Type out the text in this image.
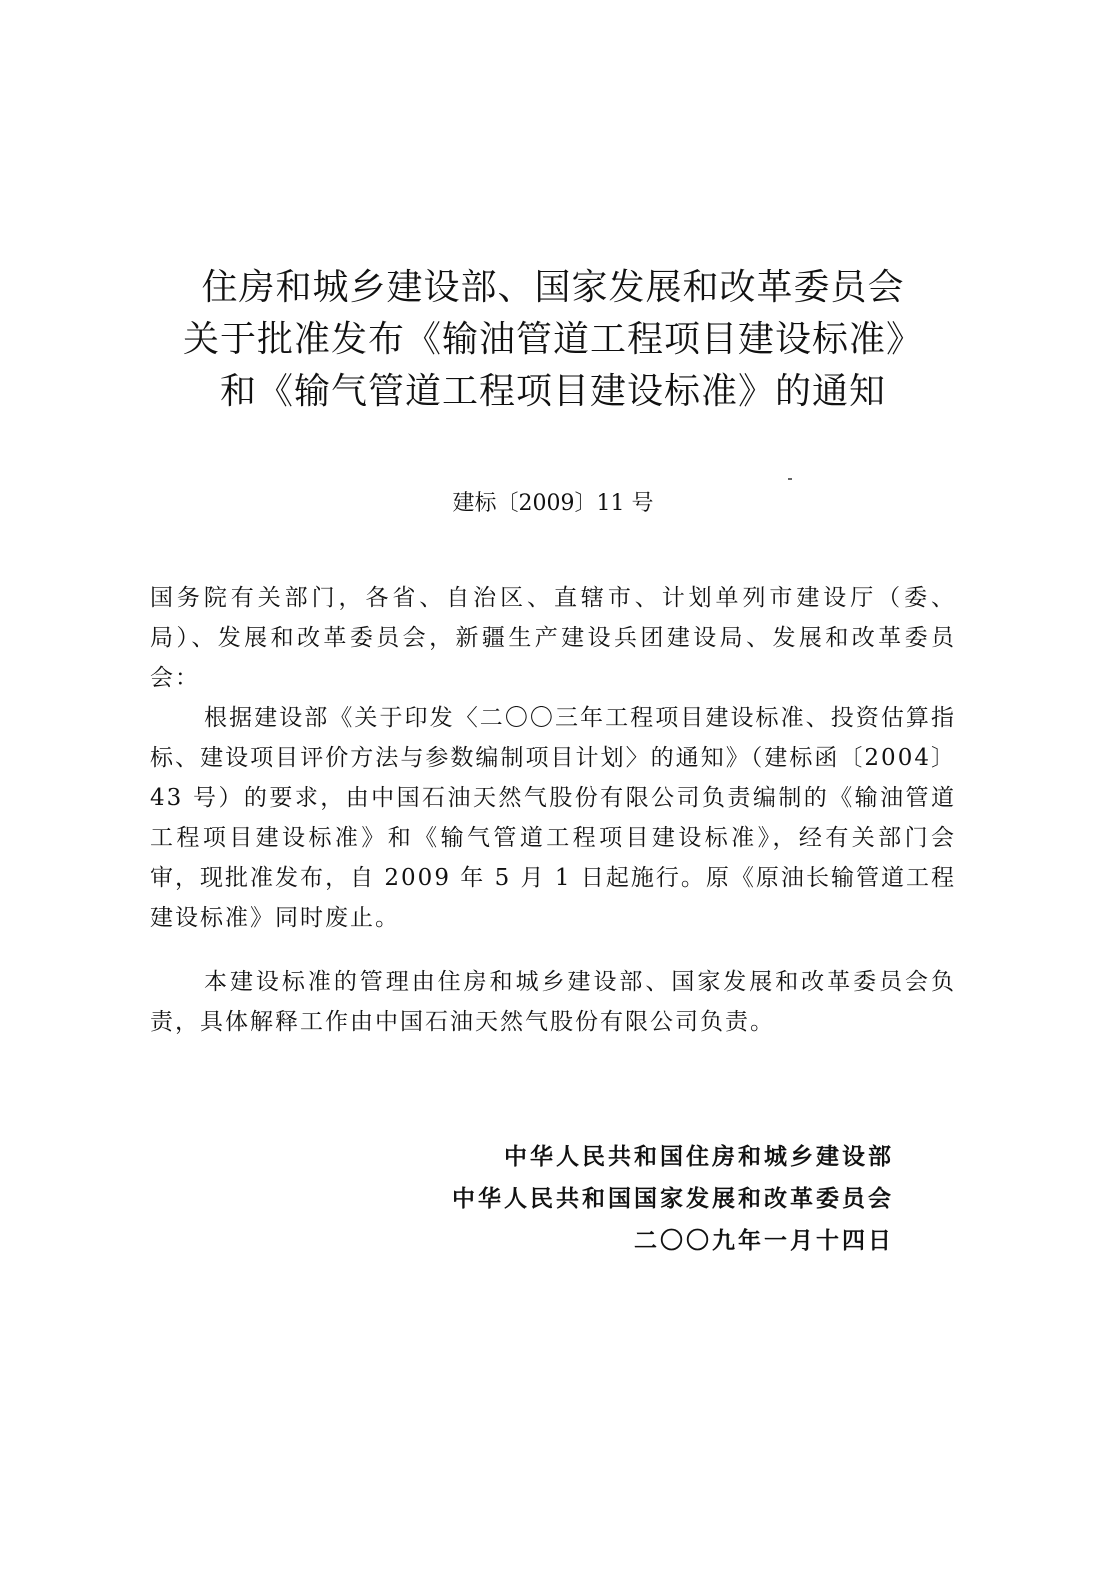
住房和城乡建设部、国家发展和改革委员会
关于批准发布《输油管道工程项目建设标准》
和《输气管道工程项目建设标准》的通知
建标〔2009〕11 号
国务院有关部门，各省、自治区、直辖市、计划单列市建设厅（委、局）、发展和改革委员会，新疆生产建设兵团建设局、发展和改革委员会：
根据建设部《关于印发〈二〇〇三年工程项目建设标准、投资估算指标、建设项目评价方法与参数编制项目计划〉的通知》（建标函〔2004〕43 号）的要求，由中国石油天然气股份有限公司负责编制的《输油管道工程项目建设标准》和《输气管道工程项目建设标准》，经有关部门会审，现批准发布，自 2009 年 5 月 1 日起施行。原《原油长输管道工程建设标准》同时废止。
本建设标准的管理由住房和城乡建设部、国家发展和改革委员会负责，具体解释工作由中国石油天然气股份有限公司负责。
中华人民共和国住房和城乡建设部
中华人民共和国国家发展和改革委员会
二〇〇九年一月十四日
